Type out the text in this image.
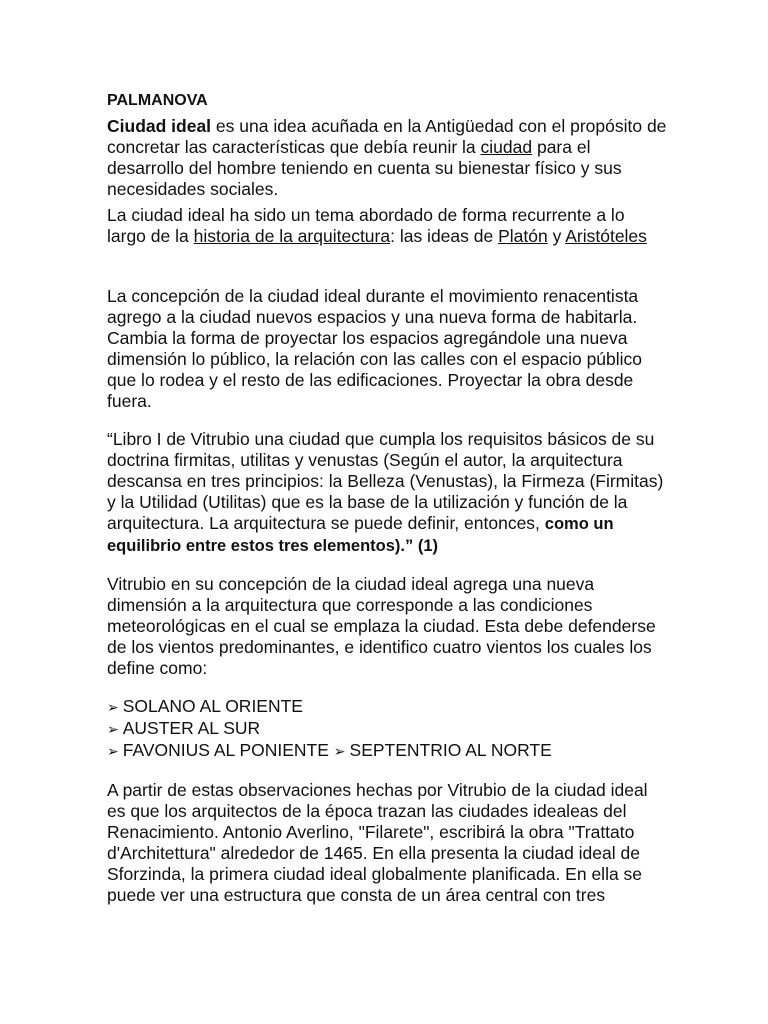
PALMANOVA

Ciudad ideal es una idea acuñada en la Antigüedad con el propósito de concretar las características que debía reunir la ciudad para el desarrollo del hombre teniendo en cuenta su bienestar físico y sus necesidades sociales.

La ciudad ideal ha sido un tema abordado de forma recurrente a lo largo de la historia de la arquitectura: las ideas de Platón y Aristóteles

La concepción de la ciudad ideal durante el movimiento renacentista agrego a la ciudad nuevos espacios y una nueva forma de habitarla. Cambia la forma de proyectar los espacios agregándole una nueva dimensión lo público, la relación con las calles con el espacio público que lo rodea y el resto de las edificaciones. Proyectar la obra desde fuera.

“Libro I de Vitrubio una ciudad que cumpla los requisitos básicos de su doctrina firmitas, utilitas y venustas (Según el autor, la arquitectura descansa en tres principios: la Belleza (Venustas), la Firmeza (Firmitas) y la Utilidad (Utilitas) que es la base de la utilización y función de la arquitectura. La arquitectura se puede definir, entonces, como un equilibrio entre estos tres elementos).” (1)

Vitrubio en su concepción de la ciudad ideal agrega una nueva dimensión a la arquitectura que corresponde a las condiciones meteorológicas en el cual se emplaza la ciudad. Esta debe defenderse de los vientos predominantes, e identifico cuatro vientos los cuales los define como:

➢ SOLANO AL ORIENTE
➢ AUSTER AL SUR
➢ FAVONIUS AL PONIENTE ➢ SEPTENTRIO AL NORTE

A partir de estas observaciones hechas por Vitrubio de la ciudad ideal es que los arquitectos de la época trazan las ciudades idealeas del Renacimiento. Antonio Averlino, "Filarete", escribirá la obra "Trattato d'Architettura" alrededor de 1465. En ella presenta la ciudad ideal de Sforzinda, la primera ciudad ideal globalmente planificada. En ella se puede ver una estructura que consta de un área central con tres
